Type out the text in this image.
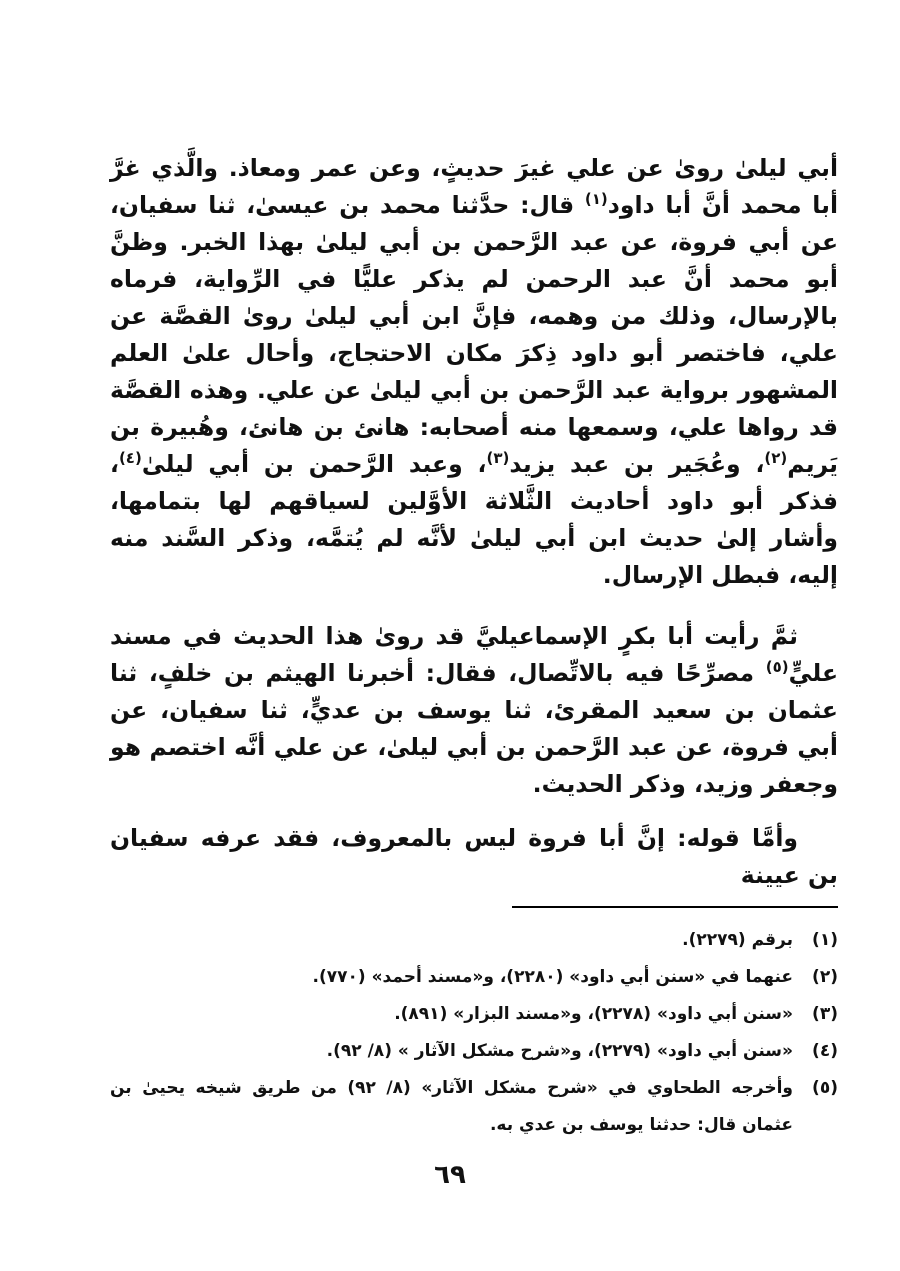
أبي ليلىٰ روىٰ عن علي غيرَ حديثٍ، وعن عمر ومعاذ. والَّذي غرَّ أبا محمد أنَّ أبا داود$^{(١)}$ قال: حدَّثنا محمد بن عيسىٰ، ثنا سفيان، عن أبي فروة، عن عبد الرَّحمن بن أبي ليلىٰ بهذا الخبر. وظنَّ أبو محمد أنَّ عبد الرحمن لم يذكر عليًّا في الرِّواية، فرماه بالإرسال، وذلك من وهمه، فإنَّ ابن أبي ليلىٰ روىٰ القصَّة عن علي، فاختصر أبو داود ذِكرَ مكان الاحتجاج، وأحال علىٰ العلم المشهور برواية عبد الرَّحمن بن أبي ليلىٰ عن علي. وهذه القصَّة قد رواها علي، وسمعها منه أصحابه: هانئ بن هانئ، وهُبيرة بن يَريم$^{(٢)}$، وعُجَير بن عبد يزيد$^{(٣)}$، وعبد الرَّحمن بن أبي ليلىٰ$^{(٤)}$، فذكر أبو داود أحاديث الثَّلاثة الأوَّلين لسياقهم لها بتمامها، وأشار إلىٰ حديث ابن أبي ليلىٰ لأنَّه لم يُتمَّه، وذكر السَّند منه إليه، فبطل الإرسال.
ثمَّ رأيت أبا بكرٍ الإسماعيليَّ قد روىٰ هذا الحديث في مسند عليٍّ$^{(٥)}$ مصرِّحًا فيه بالاتِّصال، فقال: أخبرنا الهيثم بن خلفٍ، ثنا عثمان بن سعيد المقرئ، ثنا يوسف بن عديٍّ، ثنا سفيان، عن أبي فروة، عن عبد الرَّحمن بن أبي ليلىٰ، عن علي أنَّه اختصم هو وجعفر وزيد، وذكر الحديث.
وأمَّا قوله: إنَّ أبا فروة ليس بالمعروف، فقد عرفه سفيان بن عيينة
(١)
برقم (٢٢٧٩).
(٢)
عنهما في «سنن أبي داود» (٢٢٨٠)، و«مسند أحمد» (٧٧٠).
(٣)
«سنن أبي داود» (٢٢٧٨)، و«مسند البزار» (٨٩١).
(٤)
«سنن أبي داود» (٢٢٧٩)، و«شرح مشكل الآثار » (٨/ ٩٢).
(٥)
وأخرجه الطحاوي في «شرح مشكل الآثار» (٨/ ٩٢) من طريق شيخه يحيىٰ بن عثمان قال: حدثنا يوسف بن عدي به.
٦٩
